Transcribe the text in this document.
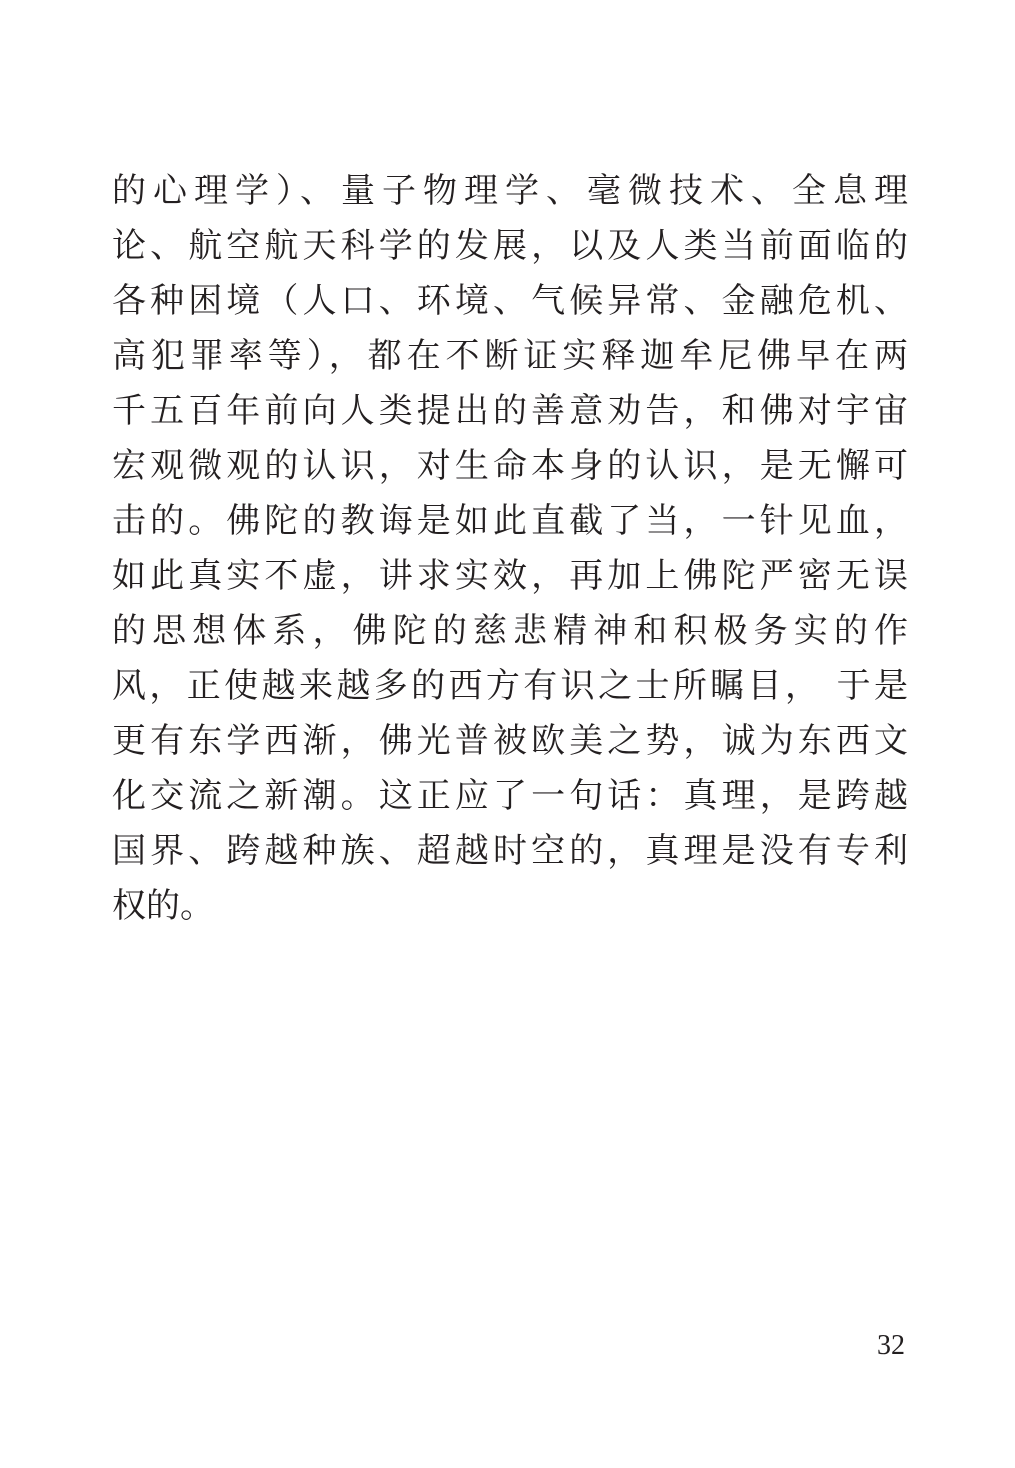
的心理学）、量子物理学、毫微技术、全息理
论、航空航天科学的发展，以及人类当前面临的
各种困境（人口、环境、气候异常、金融危机、
高犯罪率等），都在不断证实释迦牟尼佛早在两
千五百年前向人类提出的善意劝告，和佛对宇宙
宏观微观的认识，对生命本身的认识，是无懈可
击的。佛陀的教诲是如此直截了当，一针见血，
如此真实不虚，讲求实效，再加上佛陀严密无误
的思想体系，佛陀的慈悲精神和积极务实的作
风，正使越来越多的西方有识之士所瞩目， 于是
更有东学西渐，佛光普被欧美之势，诚为东西文
化交流之新潮。这正应了一句话：真理，是跨越
国界、跨越种族、超越时空的，真理是没有专利
权的。
32
